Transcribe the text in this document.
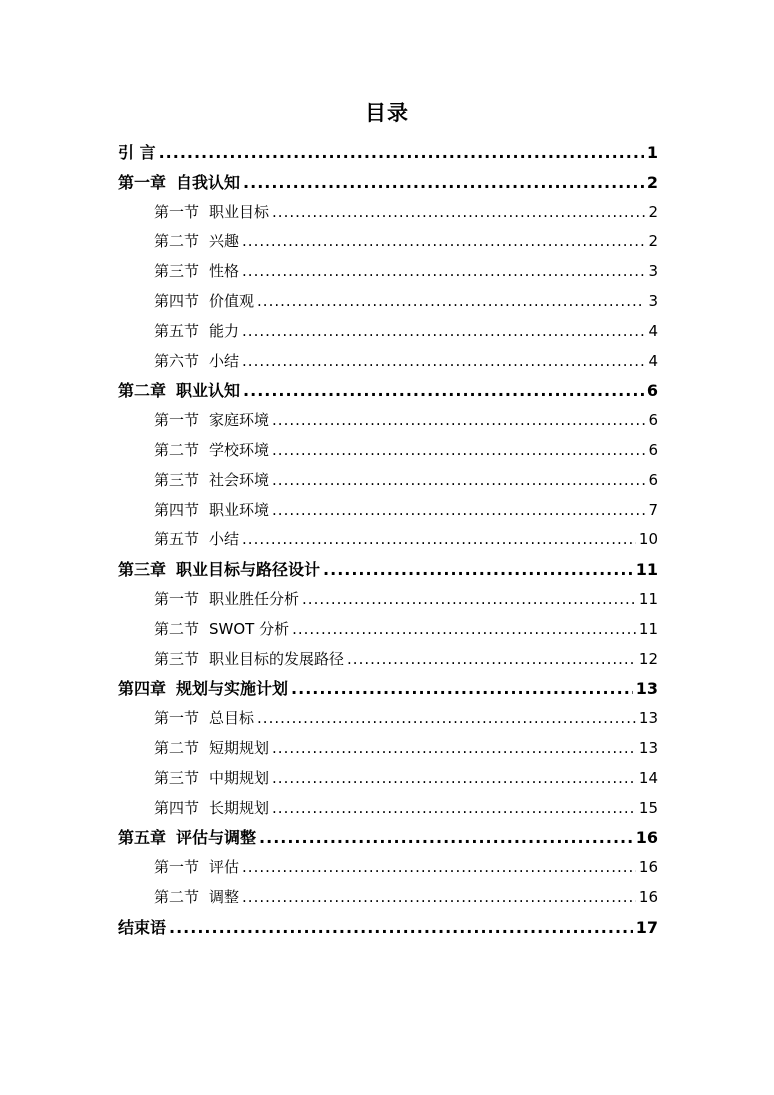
目录
引 言 .....	1
第一章 自我认知 .....	2
第一节 职业目标 .....	2
第二节 兴趣 .....	2
第三节 性格 .....	3
第四节 价值观 .....	3
第五节 能力 .....	4
第六节 小结 .....	4
第二章 职业认知 .....	6
第一节 家庭环境 .....	6
第二节 学校环境 .....	6
第三节 社会环境 .....	6
第四节 职业环境 .....	7
第五节 小结 .....	10
第三章 职业目标与路径设计 .....	11
第一节 职业胜任分析 .....	11
第二节 SWOT 分析 .....	11
第三节 职业目标的发展路径 .....	12
第四章 规划与实施计划 .....	13
第一节 总目标 .....	13
第二节 短期规划 .....	13
第三节 中期规划 .....	14
第四节 长期规划 .....	15
第五章 评估与调整 .....	16
第一节 评估 .....	16
第二节 调整 .....	16
结束语 .....	17
